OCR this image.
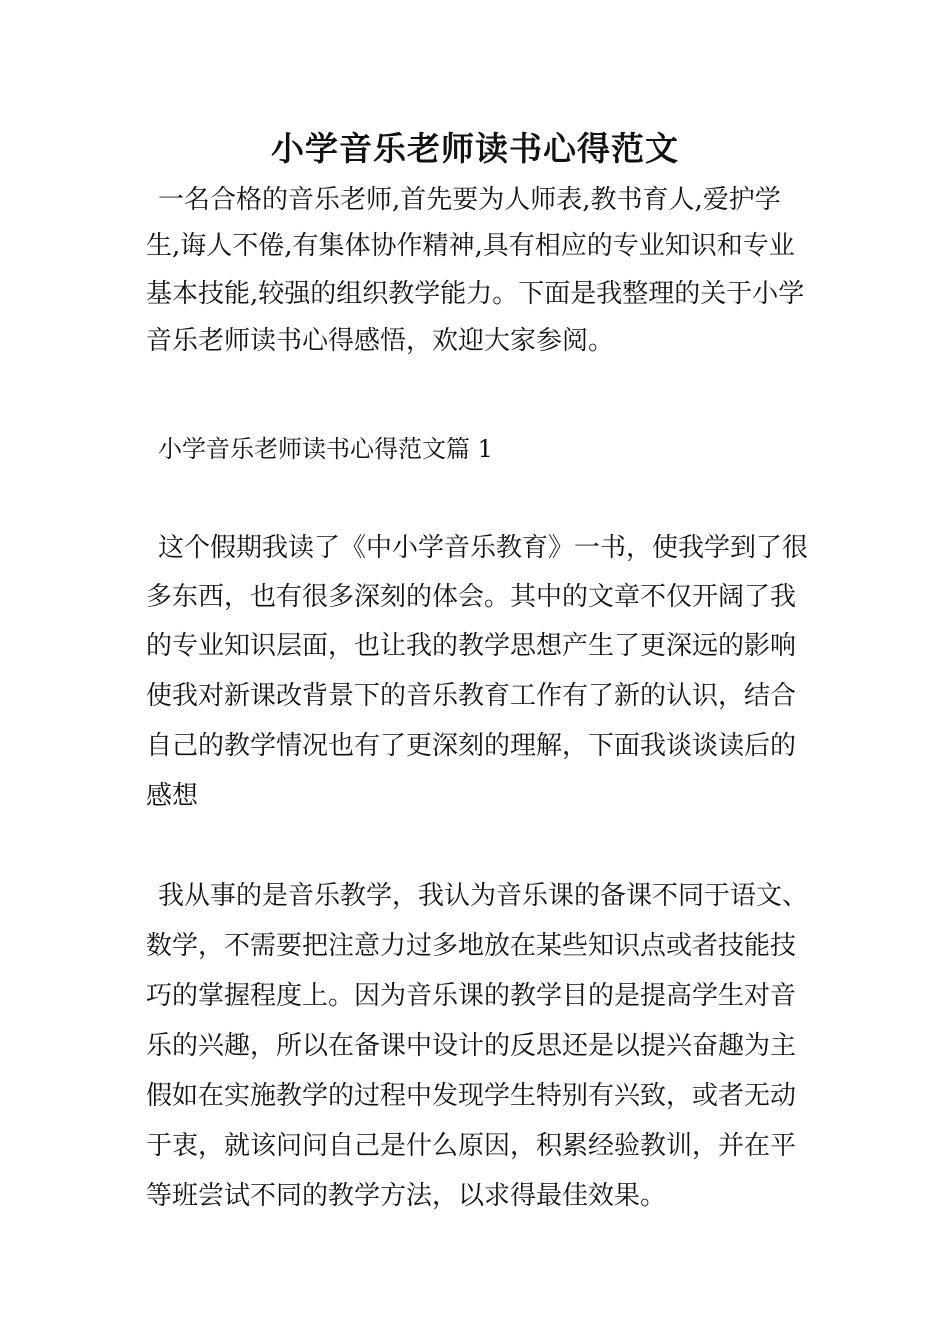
小学音乐老师读书心得范文
一名合格的音乐老师,首先要为人师表,教书育人,爱护学
生,诲人不倦,有集体协作精神,具有相应的专业知识和专业
基本技能,较强的组织教学能力。下面是我整理的关于小学
音乐老师读书心得感悟，欢迎大家参阅。
小学音乐老师读书心得范文篇 1
这个假期我读了《中小学音乐教育》一书，使我学到了很
多东西，也有很多深刻的体会。其中的文章不仅开阔了我
的专业知识层面，也让我的教学思想产生了更深远的影响
使我对新课改背景下的音乐教育工作有了新的认识，结合
自己的教学情况也有了更深刻的理解，下面我谈谈读后的
感想
我从事的是音乐教学，我认为音乐课的备课不同于语文、
数学，不需要把注意力过多地放在某些知识点或者技能技
巧的掌握程度上。因为音乐课的教学目的是提高学生对音
乐的兴趣，所以在备课中设计的反思还是以提兴奋趣为主
假如在实施教学的过程中发现学生特别有兴致，或者无动
于衷，就该问问自己是什么原因，积累经验教训，并在平
等班尝试不同的教学方法，以求得最佳效果。
